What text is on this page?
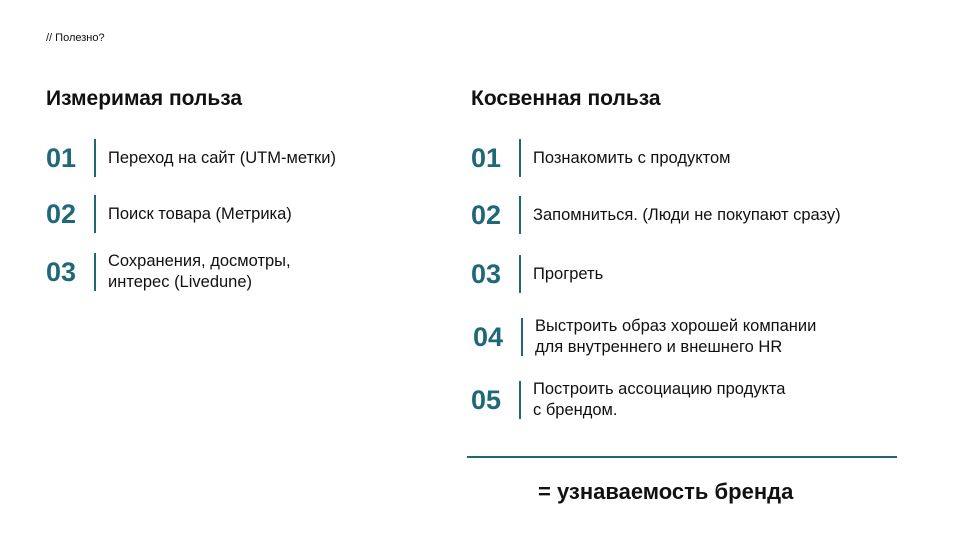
// Полезно?
Измеримая польза
01	Переход на сайт (UTM-метки)
02	Поиск товара (Метрика)
03	Сохранения, досмотры,
интерес (Livedune)
Косвенная польза
01	Познакомить с продуктом
02	Запомниться. (Люди не покупают сразу)
03	Прогреть
04	Выстроить образ хорошей компании
для внутреннего и внешнего HR
05	Построить ассоциацию продукта
с брендом.
= узнаваемость бренда
